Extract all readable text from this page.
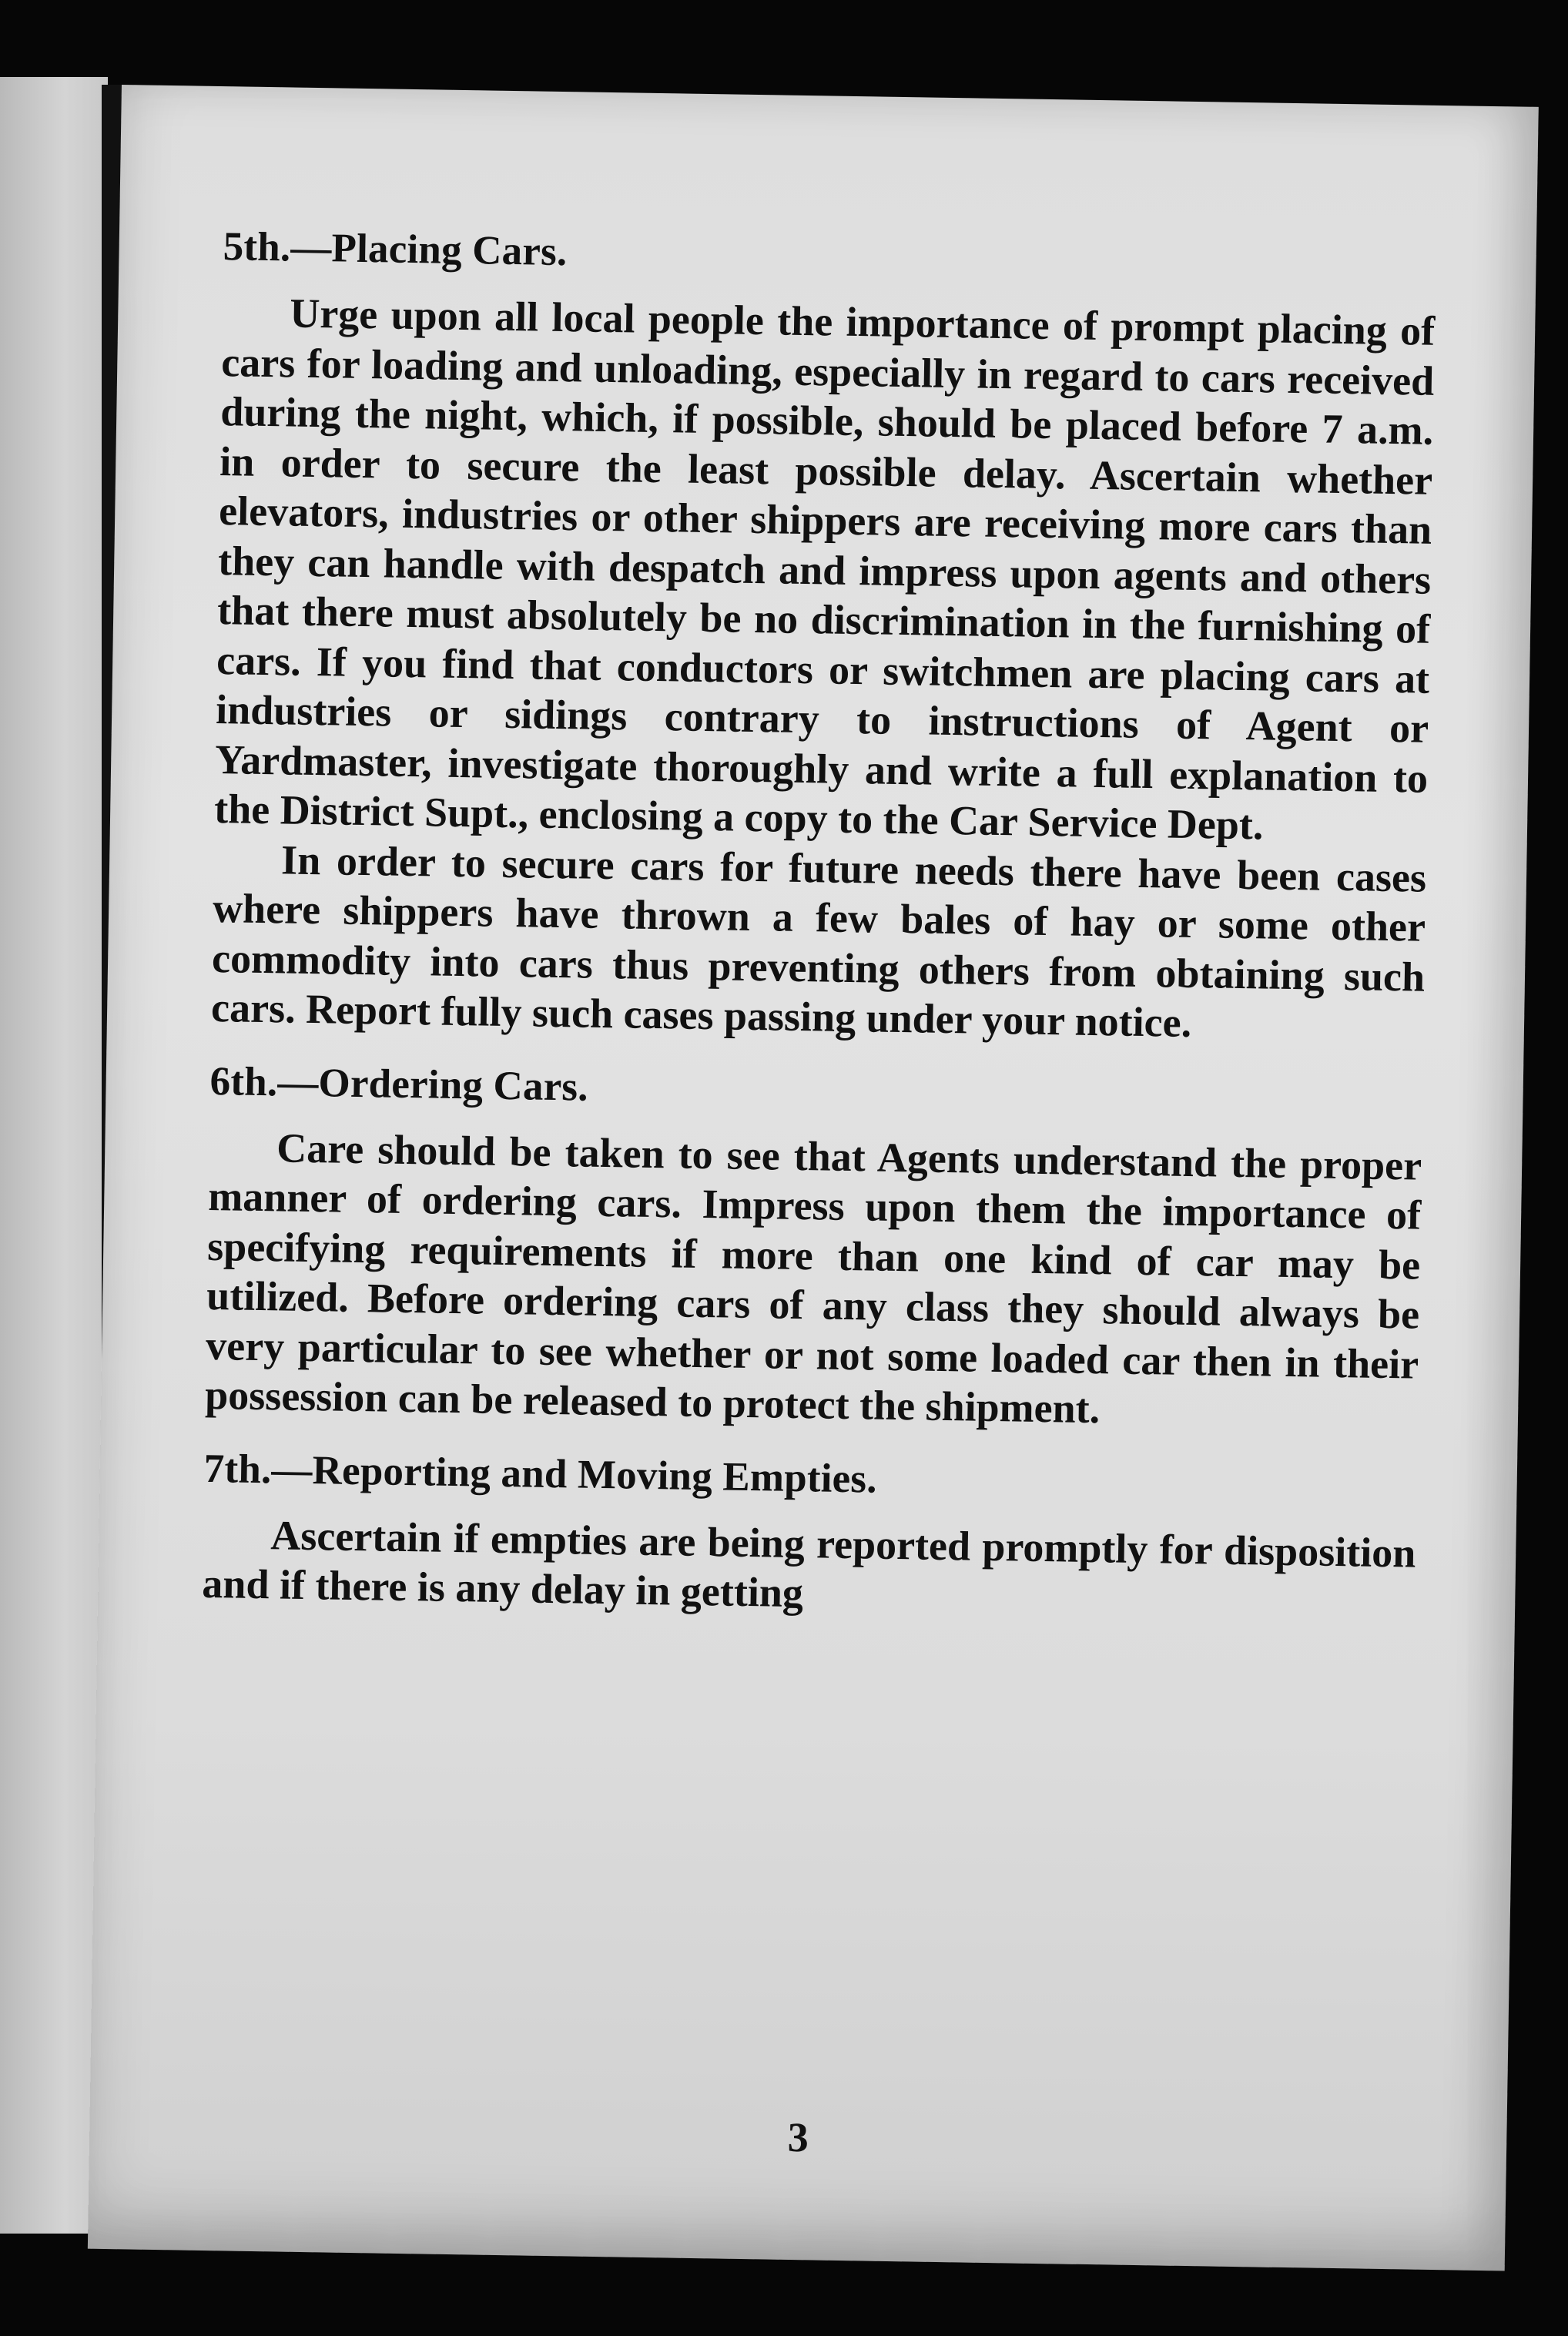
5th.—Placing Cars.

Urge upon all local people the importance of prompt placing of cars for loading and unloading, especially in regard to cars received during the night, which, if possible, should be placed before 7 a.m. in order to secure the least possible delay. Ascertain whether elevators, industries or other shippers are receiving more cars than they can handle with despatch and impress upon agents and others that there must absolutely be no discrimination in the furnishing of cars. If you find that conductors or switchmen are placing cars at industries or sidings contrary to instructions of Agent or Yardmaster, investigate thoroughly and write a full explanation to the District Supt., enclosing a copy to the Car Service Dept.

In order to secure cars for future needs there have been cases where shippers have thrown a few bales of hay or some other commodity into cars thus preventing others from obtaining such cars. Report fully such cases passing under your notice.

6th.—Ordering Cars.

Care should be taken to see that Agents understand the proper manner of ordering cars. Impress upon them the importance of specifying requirements if more than one kind of car may be utilized. Before ordering cars of any class they should always be very particular to see whether or not some loaded car then in their possession can be released to protect the shipment.

7th.—Reporting and Moving Empties.

Ascertain if empties are being reported promptly for disposition and if there is any delay in getting

3
